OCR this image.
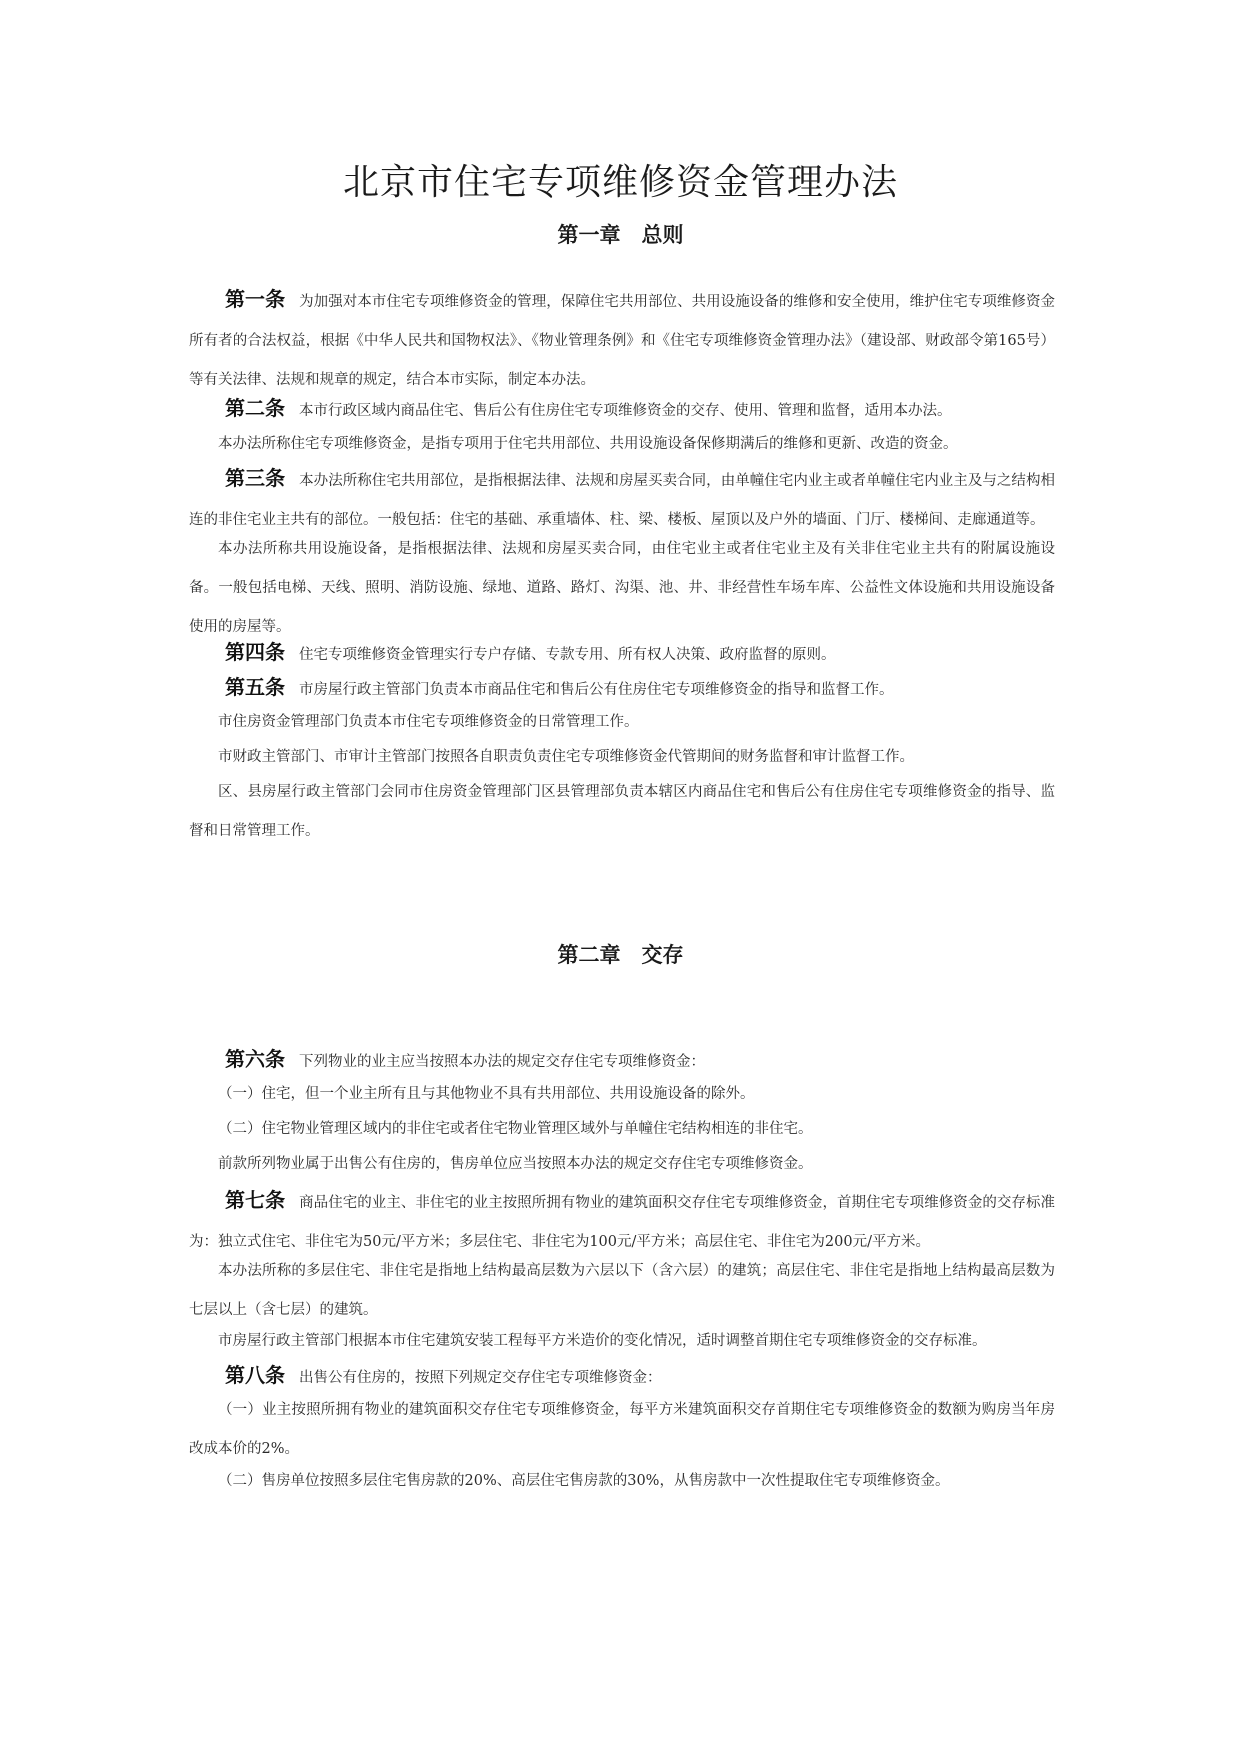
北京市住宅专项维修资金管理办法
第一章　总则
第一条 为加强对本市住宅专项维修资金的管理，保障住宅共用部位、共用设施设备的维修和安全使用，维护住宅专项维修资金所有者的合法权益，根据《中华人民共和国物权法》、《物业管理条例》和《住宅专项维修资金管理办法》（建设部、财政部令第165号）等有关法律、法规和规章的规定，结合本市实际，制定本办法。
第二条 本市行政区域内商品住宅、售后公有住房住宅专项维修资金的交存、使用、管理和监督，适用本办法。
本办法所称住宅专项维修资金，是指专项用于住宅共用部位、共用设施设备保修期满后的维修和更新、改造的资金。
第三条 本办法所称住宅共用部位，是指根据法律、法规和房屋买卖合同，由单幢住宅内业主或者单幢住宅内业主及与之结构相连的非住宅业主共有的部位。一般包括：住宅的基础、承重墙体、柱、梁、楼板、屋顶以及户外的墙面、门厅、楼梯间、走廊通道等。
本办法所称共用设施设备，是指根据法律、法规和房屋买卖合同，由住宅业主或者住宅业主及有关非住宅业主共有的附属设施设备。一般包括电梯、天线、照明、消防设施、绿地、道路、路灯、沟渠、池、井、非经营性车场车库、公益性文体设施和共用设施设备使用的房屋等。
第四条 住宅专项维修资金管理实行专户存储、专款专用、所有权人决策、政府监督的原则。
第五条 市房屋行政主管部门负责本市商品住宅和售后公有住房住宅专项维修资金的指导和监督工作。
市住房资金管理部门负责本市住宅专项维修资金的日常管理工作。
市财政主管部门、市审计主管部门按照各自职责负责住宅专项维修资金代管期间的财务监督和审计监督工作。
区、县房屋行政主管部门会同市住房资金管理部门区县管理部负责本辖区内商品住宅和售后公有住房住宅专项维修资金的指导、监督和日常管理工作。
第二章　交存
第六条 下列物业的业主应当按照本办法的规定交存住宅专项维修资金：
（一）住宅，但一个业主所有且与其他物业不具有共用部位、共用设施设备的除外。
（二）住宅物业管理区域内的非住宅或者住宅物业管理区域外与单幢住宅结构相连的非住宅。
前款所列物业属于出售公有住房的，售房单位应当按照本办法的规定交存住宅专项维修资金。
第七条 商品住宅的业主、非住宅的业主按照所拥有物业的建筑面积交存住宅专项维修资金，首期住宅专项维修资金的交存标准为：独立式住宅、非住宅为50元/平方米；多层住宅、非住宅为100元/平方米；高层住宅、非住宅为200元/平方米。
本办法所称的多层住宅、非住宅是指地上结构最高层数为六层以下（含六层）的建筑；高层住宅、非住宅是指地上结构最高层数为七层以上（含七层）的建筑。
市房屋行政主管部门根据本市住宅建筑安装工程每平方米造价的变化情况，适时调整首期住宅专项维修资金的交存标准。
第八条 出售公有住房的，按照下列规定交存住宅专项维修资金：
（一）业主按照所拥有物业的建筑面积交存住宅专项维修资金，每平方米建筑面积交存首期住宅专项维修资金的数额为购房当年房改成本价的2%。
（二）售房单位按照多层住宅售房款的20%、高层住宅售房款的30%，从售房款中一次性提取住宅专项维修资金。
